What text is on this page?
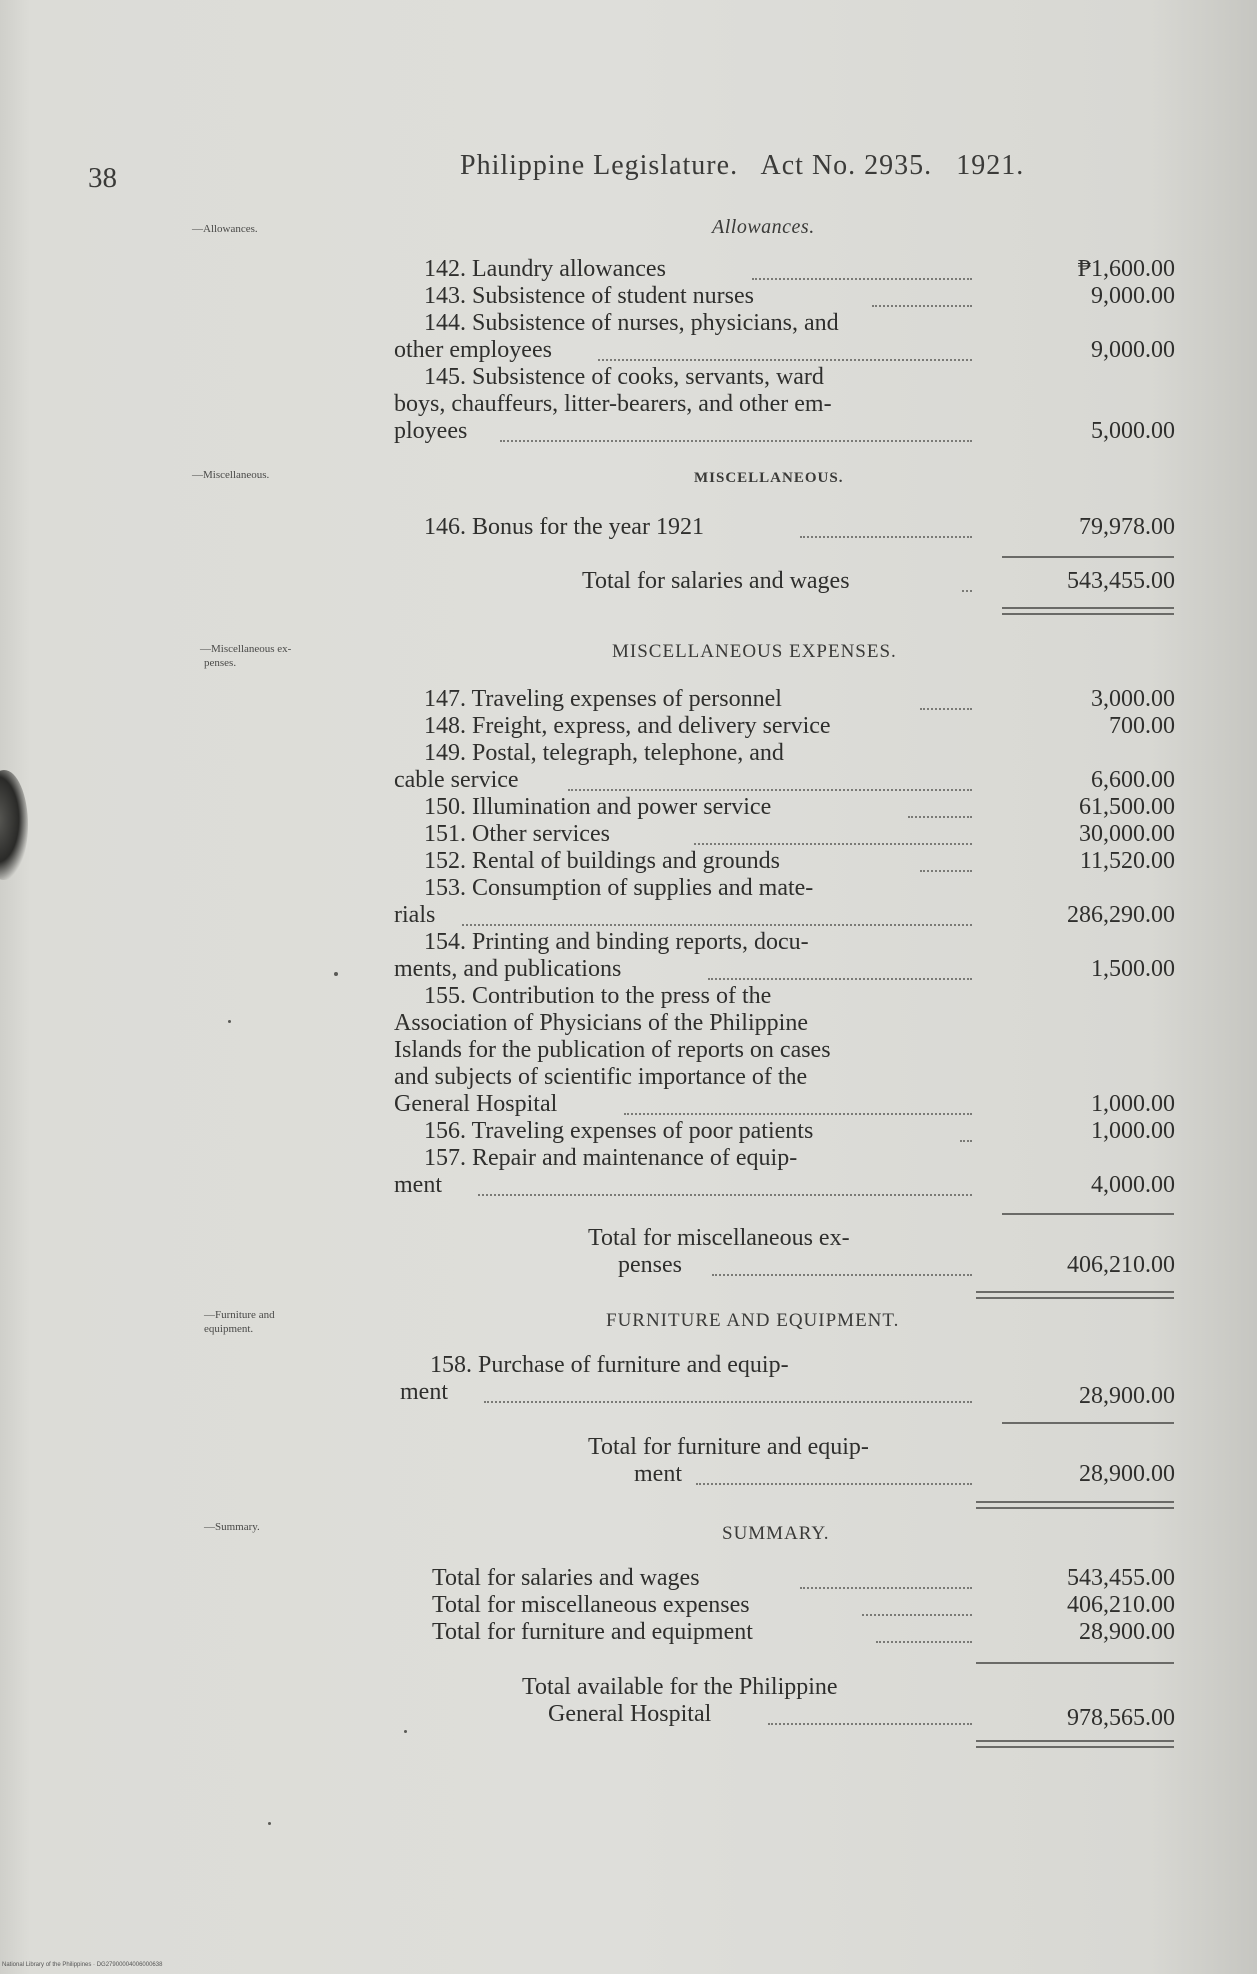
38	Philippine Legislature. Act No. 2935. 1921.
—Allowances.
—Miscellaneous.
—Miscellaneous ex-
penses.
—Furniture and
equipment.
—Summary.
Allowances.
142. Laundry allowances	₱1,600.00
143. Subsistence of student nurses	9,000.00
144. Subsistence of nurses, physicians, and
other employees	9,000.00
145. Subsistence of cooks, servants, ward
boys, chauffeurs, litter-bearers, and other em-
ployees	5,000.00
MISCELLANEOUS.
146. Bonus for the year 1921	79,978.00
Total for salaries and wages	543,455.00
MISCELLANEOUS EXPENSES.
147. Traveling expenses of personnel	3,000.00
148. Freight, express, and delivery service	700.00
149. Postal, telegraph, telephone, and
cable service	6,600.00
150. Illumination and power service	61,500.00
151. Other services	30,000.00
152. Rental of buildings and grounds	11,520.00
153. Consumption of supplies and mate-
rials	286,290.00
154. Printing and binding reports, docu-
ments, and publications	1,500.00
155. Contribution to the press of the
Association of Physicians of the Philippine
Islands for the publication of reports on cases
and subjects of scientific importance of the
General Hospital	1,000.00
156. Traveling expenses of poor patients	1,000.00
157. Repair and maintenance of equip-
ment	4,000.00
Total for miscellaneous ex-
penses	406,210.00
FURNITURE AND EQUIPMENT.
158. Purchase of furniture and equip-
ment	28,900.00
Total for furniture and equip-
ment	28,900.00
SUMMARY.
Total for salaries and wages	543,455.00
Total for miscellaneous expenses	406,210.00
Total for furniture and equipment	28,900.00
Total available for the Philippine
General Hospital	978,565.00
National Library of the Philippines · DG27900004006000638
